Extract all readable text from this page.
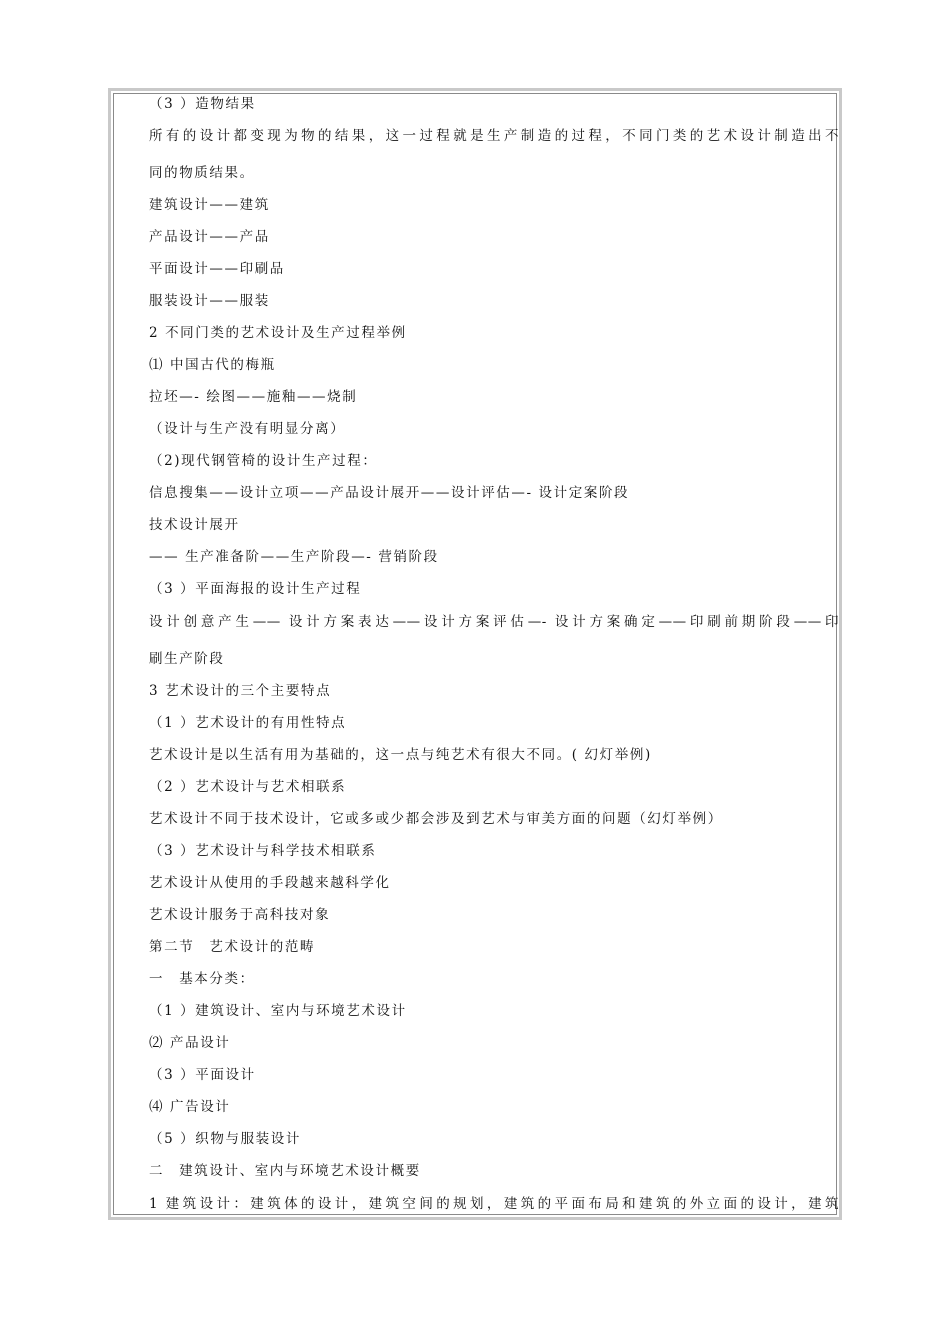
（3 ）造物结果
所有的设计都变现为物的结果，这一过程就是生产制造的过程，不同门类的艺术设计制造出不
同的物质结果。
建筑设计——建筑
产品设计——产品
平面设计——印刷品
服装设计——服装
2 不同门类的艺术设计及生产过程举例
⑴ 中国古代的梅瓶
拉坯—- 绘图——施釉——烧制
（设计与生产没有明显分离）
（2)现代钢管椅的设计生产过程：
信息搜集——设计立项——产品设计展开——设计评估—- 设计定案阶段
技术设计展开
—— 生产准备阶——生产阶段—- 营销阶段
（3 ）平面海报的设计生产过程
设计创意产生—— 设计方案表达——设计方案评估—- 设计方案确定——印刷前期阶段——印
刷生产阶段
3 艺术设计的三个主要特点
（1 ）艺术设计的有用性特点
艺术设计是以生活有用为基础的，这一点与纯艺术有很大不同。( 幻灯举例)
（2 ）艺术设计与艺术相联系
艺术设计不同于技术设计，它或多或少都会涉及到艺术与审美方面的问题（幻灯举例）
（3 ）艺术设计与科学技术相联系
艺术设计从使用的手段越来越科学化
艺术设计服务于高科技对象
第二节　艺术设计的范畴
一　基本分类：
（1 ）建筑设计、室内与环境艺术设计
⑵ 产品设计
（3 ）平面设计
⑷ 广告设计
（5 ）织物与服装设计
二　建筑设计、室内与环境艺术设计概要
1 建筑设计：建筑体的设计，建筑空间的规划，建筑的平面布局和建筑的外立面的设计，建筑
